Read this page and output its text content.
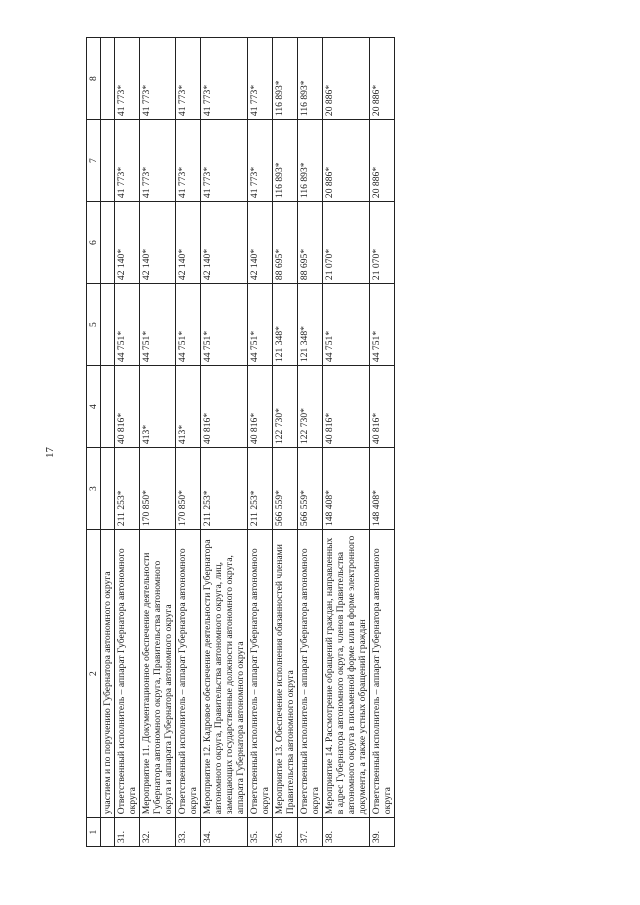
17
1	2	3	4	5	6	7	8
	участием и по поручению Губернатора автономного округа						
31.	Ответственный исполнитель – аппарат Губернатора автономного округа	211 253*	40 816*	44 751*	42 140*	41 773*	41 773*
32.	Мероприятие 11. Документационное обеспечение деятельности Губернатора автономного округа, Правительства автономного округа и аппарата Губернатора автономного округа	170 850*	413*	44 751*	42 140*	41 773*	41 773*
33.	Ответственный исполнитель – аппарат Губернатора автономного округа	170 850*	413*	44 751*	42 140*	41 773*	41 773*
34.	Мероприятие 12. Кадровое обеспечение деятельности Губернатора автономного округа, Правительства автономного округа, лиц, замещающих государственные должности автономного округа, аппарата Губернатора автономного округа	211 253*	40 816*	44 751*	42 140*	41 773*	41 773*
35.	Ответственный исполнитель – аппарат Губернатора автономного округа	211 253*	40 816*	44 751*	42 140*	41 773*	41 773*
36.	Мероприятие 13. Обеспечение исполнения обязанностей членами Правительства автономного округа	566 559*	122 730*	121 348*	88 695*	116 893*	116 893*
37.	Ответственный исполнитель – аппарат Губернатора автономного округа	566 559*	122 730*	121 348*	88 695*	116 893*	116 893*
38.	Мероприятие 14. Рассмотрение обращений граждан, направленных в адрес Губернатора автономного округа, членов Правительства автономного округа в письменной форме или в форме электронного документа, а также устных обращений граждан	148 408*	40 816*	44 751*	21 070*	20 886*	20 886*
39.	Ответственный исполнитель – аппарат Губернатора автономного округа	148 408*	40 816*	44 751*	21 070*	20 886*	20 886*
